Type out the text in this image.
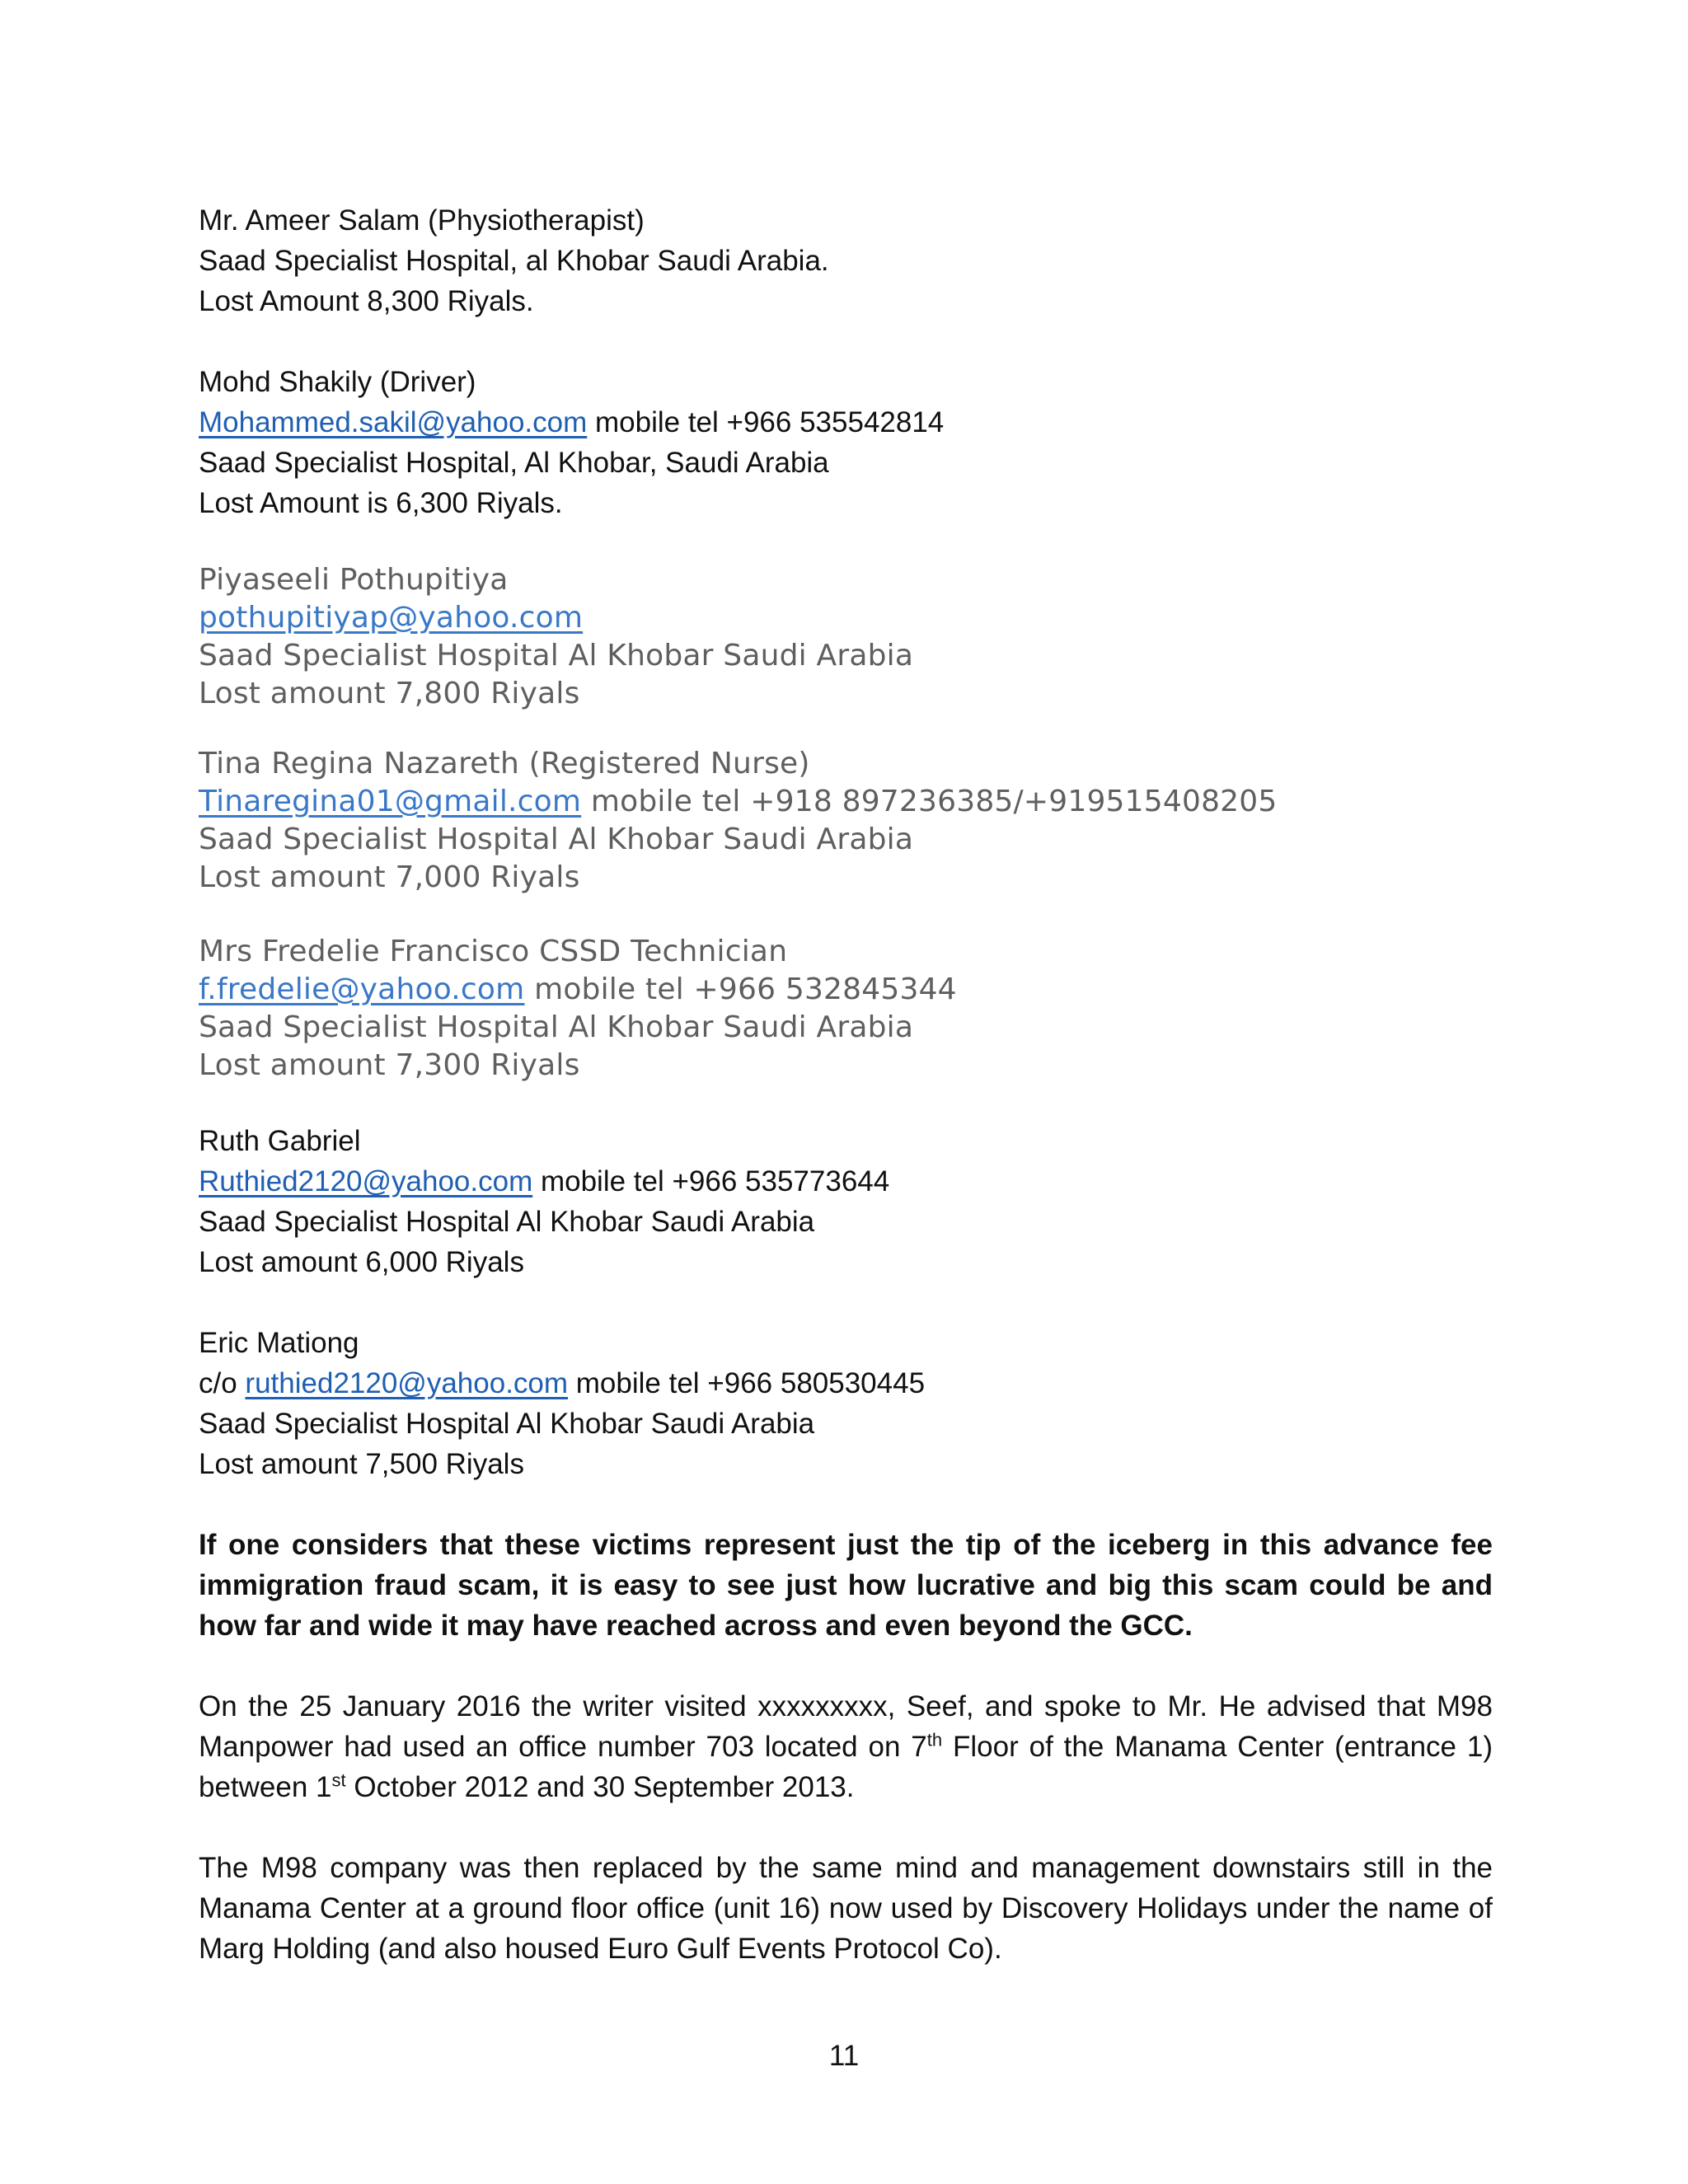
Mr. Ameer Salam (Physiotherapist)
Saad Specialist Hospital, al Khobar Saudi Arabia.
Lost Amount 8,300 Riyals.
Mohd Shakily (Driver)
Mohammed.sakil@yahoo.com mobile tel +966 535542814
Saad Specialist Hospital, Al Khobar, Saudi Arabia
Lost Amount is 6,300 Riyals.
Piyaseeli Pothupitiya
pothupitiyap@yahoo.com
Saad Specialist Hospital Al Khobar Saudi Arabia
Lost amount 7,800 Riyals
Tina Regina Nazareth (Registered Nurse)
Tinaregina01@gmail.com mobile tel +918 897236385/+919515408205
Saad Specialist Hospital Al Khobar Saudi Arabia
Lost amount 7,000 Riyals
Mrs Fredelie Francisco CSSD Technician
f.fredelie@yahoo.com mobile tel +966 532845344
Saad Specialist Hospital Al Khobar Saudi Arabia
Lost amount 7,300 Riyals
Ruth Gabriel
Ruthied2120@yahoo.com mobile tel +966 535773644
Saad Specialist Hospital Al Khobar Saudi Arabia
Lost amount 6,000 Riyals
Eric Mationg
c/o ruthied2120@yahoo.com mobile tel +966 580530445
Saad Specialist Hospital Al Khobar Saudi Arabia
Lost amount 7,500 Riyals

If one considers that these victims represent just the tip of the iceberg in this advance fee immigration fraud scam, it is easy to see just how lucrative and big this scam could be and how far and wide it may have reached across and even beyond the GCC.

On the 25 January 2016 the writer visited xxxxxxxxx, Seef, and spoke to Mr. He advised that M98 Manpower had used an office number 703 located on 7th Floor of the Manama Center (entrance 1) between 1st October 2012 and 30 September 2013.

The M98 company was then replaced by the same mind and management downstairs still in the Manama Center at a ground floor office (unit 16) now used by Discovery Holidays under the name of Marg Holding (and also housed Euro Gulf Events Protocol Co).

11
